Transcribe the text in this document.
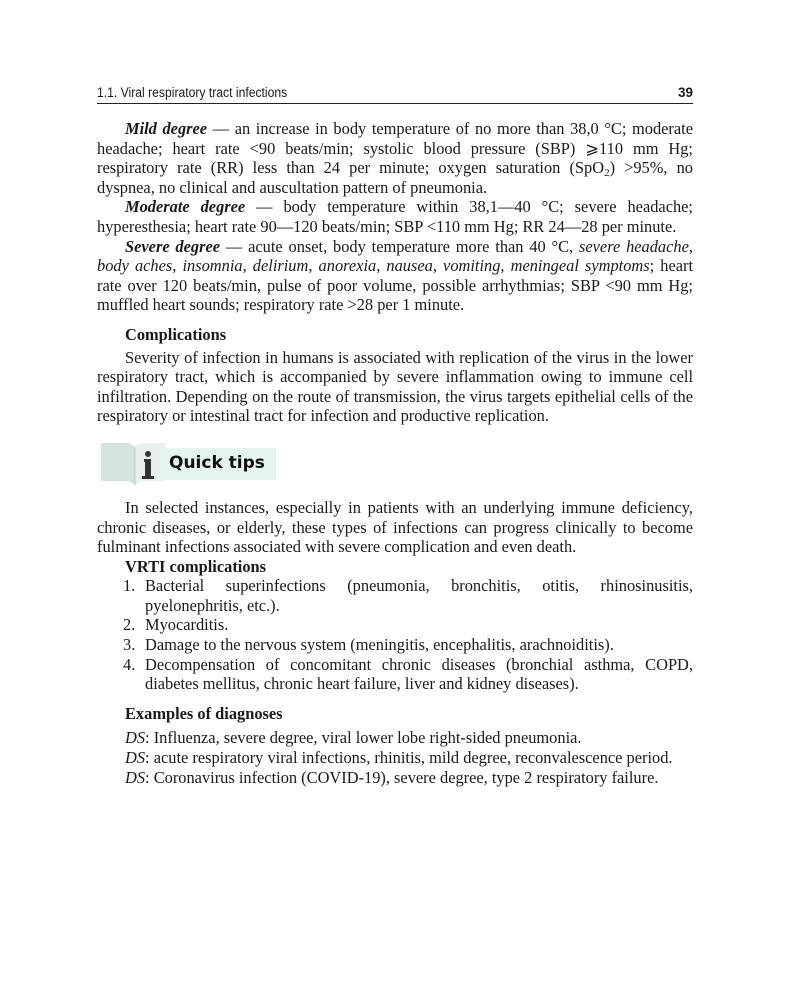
1.1. Viral respiratory tract infections	39

Mild degree — an increase in body temperature of no more than 38,0 °C; moderate headache; heart rate <90 beats/min; systolic blood pressure (SBP) ⩾110 mm Hg; respiratory rate (RR) less than 24 per minute; oxygen saturation (SpO$_2$) >95%, no dyspnea, no clinical and auscultation pattern of pneumonia.

Moderate degree — body temperature within 38,1—40 °C; severe headache; hyperesthesia; heart rate 90—120 beats/min; SBP <110 mm Hg; RR 24—28 per minute.

Severe degree — acute onset, body temperature more than 40 °C, severe headache, body aches, insomnia, delirium, anorexia, nausea, vomiting, meningeal symptoms; heart rate over 120 beats/min, pulse of poor volume, possible arrhythmias; SBP <90 mm Hg; muffled heart sounds; respiratory rate >28 per 1 minute.

Complications

Severity of infection in humans is associated with replication of the virus in the lower respiratory tract, which is accompanied by severe inflammation owing to immune cell infiltration. Depending on the route of transmission, the virus targets epithelial cells of the respiratory or intestinal tract for infection and productive replication.

Quick tips

In selected instances, especially in patients with an underlying immune deficiency, chronic diseases, or elderly, these types of infections can progress clinically to become fulminant infections associated with severe complication and even death.

VRTI complications

1. Bacterial superinfections (pneumonia, bronchitis, otitis, rhinosinusitis, pyelonephritis, etc.).
2. Myocarditis.
3. Damage to the nervous system (meningitis, encephalitis, arachnoiditis).
4. Decompensation of concomitant chronic diseases (bronchial asthma, COPD, diabetes mellitus, chronic heart failure, liver and kidney diseases).

Examples of diagnoses

DS: Influenza, severe degree, viral lower lobe right-sided pneumonia.

DS: acute respiratory viral infections, rhinitis, mild degree, reconvalescence period.

DS: Coronavirus infection (COVID-19), severe degree, type 2 respiratory failure.
